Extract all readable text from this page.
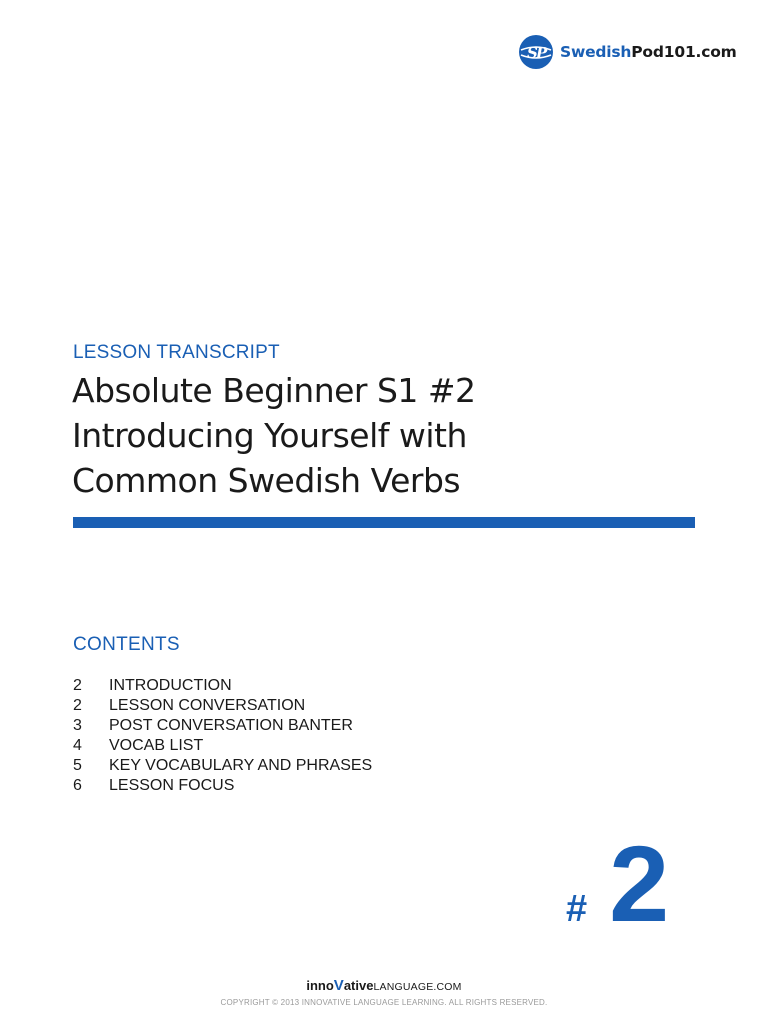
S
P SwedishPod101.com
LESSON TRANSCRIPT
Absolute Beginner S1 #2
Introducing Yourself with
Common Swedish Verbs
CONTENTS
2	INTRODUCTION
2	LESSON CONVERSATION
3	POST CONVERSATION BANTER
4	VOCAB LIST
5	KEY VOCABULARY AND PHRASES
6	LESSON FOCUS
# 2
innoVativeLANGUAGE.COM
COPYRIGHT © 2013 INNOVATIVE LANGUAGE LEARNING. ALL RIGHTS RESERVED.
